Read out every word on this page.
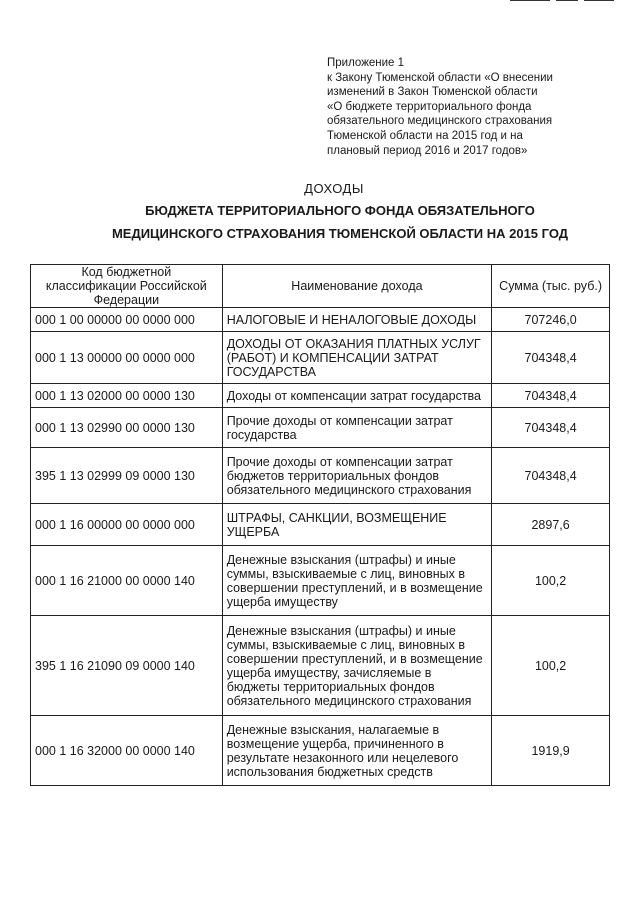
Приложение 1
к Закону Тюменской области «О внесении
изменений в Закон Тюменской области
«О бюджете территориального фонда
обязательного медицинского страхования
Тюменской области на 2015 год и на
плановый период 2016 и 2017 годов»
ДОХОДЫ
БЮДЖЕТА ТЕРРИТОРИАЛЬНОГО ФОНДА ОБЯЗАТЕЛЬНОГО
МЕДИЦИНСКОГО СТРАХОВАНИЯ ТЮМЕНСКОЙ ОБЛАСТИ НА 2015 ГОД
Код бюджетной классификации Российской Федерации	Наименование дохода	Сумма (тыс. руб.)
000 1 00 00000 00 0000 000	НАЛОГОВЫЕ И НЕНАЛОГОВЫЕ ДОХОДЫ	707246,0
000 1 13 00000 00 0000 000	ДОХОДЫ ОТ ОКАЗАНИЯ ПЛАТНЫХ УСЛУГ (РАБОТ) И КОМПЕНСАЦИИ ЗАТРАТ ГОСУДАРСТВА	704348,4
000 1 13 02000 00 0000 130	Доходы от компенсации затрат государства	704348,4
000 1 13 02990 00 0000 130	Прочие доходы от компенсации затрат государства	704348,4
395 1 13 02999 09 0000 130	Прочие доходы от компенсации затрат бюджетов территориальных фондов обязательного медицинского страхования	704348,4
000 1 16 00000 00 0000 000	ШТРАФЫ, САНКЦИИ, ВОЗМЕЩЕНИЕ УЩЕРБА	2897,6
000 1 16 21000 00 0000 140	Денежные взыскания (штрафы) и иные суммы, взыскиваемые с лиц, виновных в совершении преступлений, и в возмещение ущерба имуществу	100,2
395 1 16 21090 09 0000 140	Денежные взыскания (штрафы) и иные суммы, взыскиваемые с лиц, виновных в совершении преступлений, и в возмещение ущерба имуществу, зачисляемые в бюджеты территориальных фондов обязательного медицинского страхования	100,2
000 1 16 32000 00 0000 140	Денежные взыскания, налагаемые в возмещение ущерба, причиненного в результате незаконного или нецелевого использования бюджетных средств	1919,9
